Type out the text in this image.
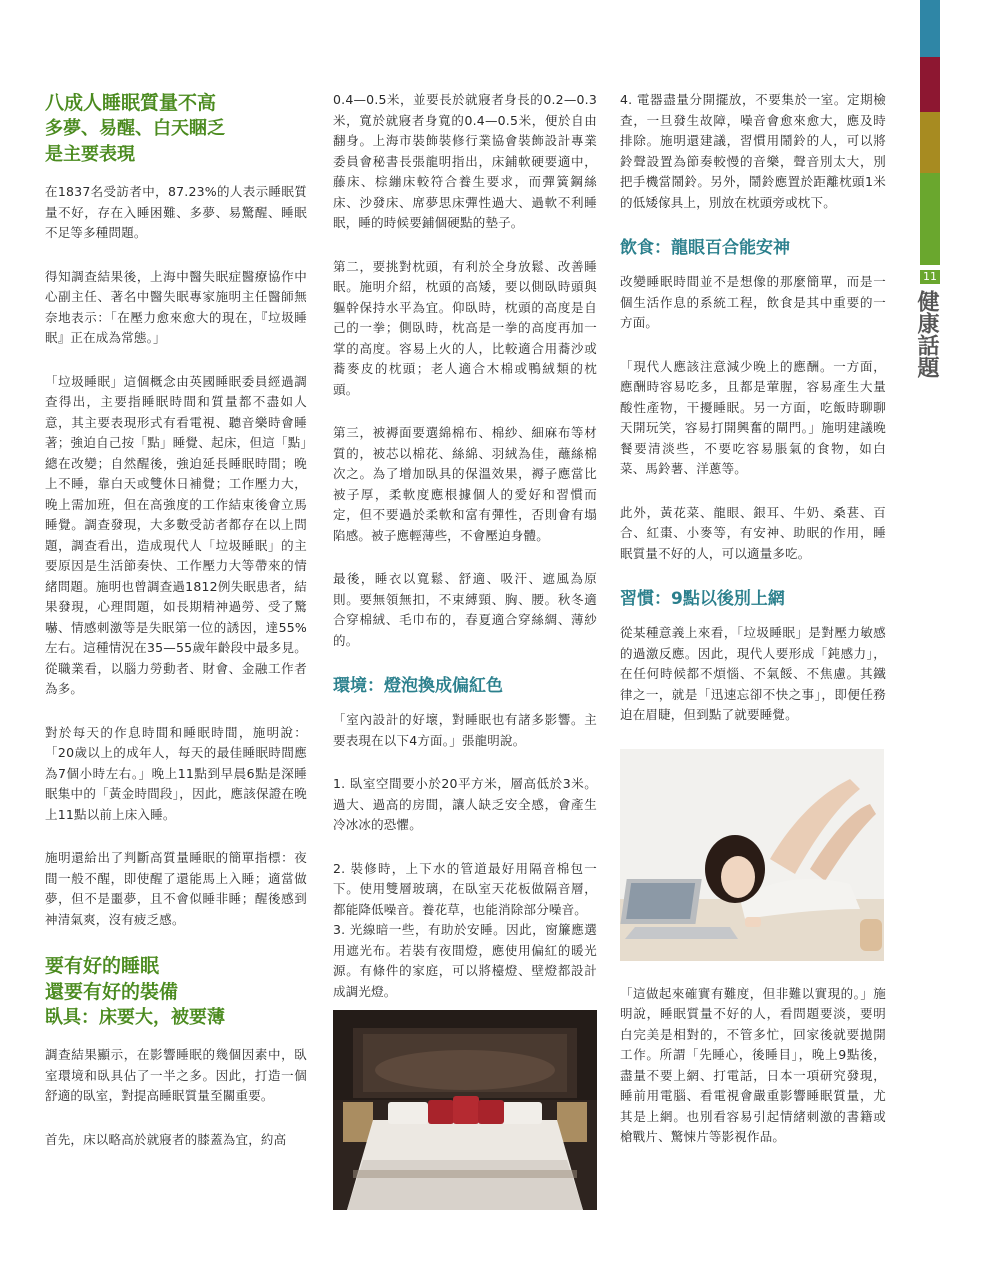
11
健康話題
八成人睡眠質量不高
多夢、易醒、白天睏乏
是主要表現

在1837名受訪者中，87.23%的人表示睡眠質量不好，存在入睡困難、多夢、易驚醒、睡眠不足等多種問題。

得知調查結果後，上海中醫失眠症醫療協作中心副主任、著名中醫失眠專家施明主任醫師無奈地表示：「在壓力愈來愈大的現在，『垃圾睡眠』正在成為常態。」

「垃圾睡眠」這個概念由英國睡眠委員經過調查得出，主要指睡眠時間和質量都不盡如人意，其主要表現形式有看電視、聽音樂時會睡著；強迫自己按「點」睡覺、起床，但這「點」總在改變；自然醒後，強迫延長睡眠時間；晚上不睡，靠白天或雙休日補覺；工作壓力大，晚上需加班，但在高強度的工作結束後會立馬睡覺。調查發現，大多數受訪者都存在以上問題，調查看出，造成現代人「垃圾睡眠」的主要原因是生活節奏快、工作壓力大等帶來的情緒問題。施明也曾調查過1812例失眠患者，結果發現，心理問題，如長期精神過勞、受了驚嚇、情感刺激等是失眠第一位的誘因，達55%左右。這種情況在35—55歲年齡段中最多見。從職業看，以腦力勞動者、財會、金融工作者為多。

對於每天的作息時間和睡眠時間，施明說：「20歲以上的成年人，每天的最佳睡眠時間應為7個小時左右。」晚上11點到早晨6點是深睡眠集中的「黃金時間段」，因此，應該保證在晚上11點以前上床入睡。

施明還給出了判斷高質量睡眠的簡單指標：夜間一般不醒，即使醒了還能馬上入睡；適當做夢，但不是噩夢，且不會似睡非睡；醒後感到神清氣爽，沒有疲乏感。

要有好的睡眠
還要有好的裝備
臥具：床要大，被要薄

調查結果顯示，在影響睡眠的幾個因素中，臥室環境和臥具佔了一半之多。因此，打造一個舒適的臥室，對提高睡眠質量至關重要。

首先，床以略高於就寢者的膝蓋為宜，約高

0.4—0.5米，並要長於就寢者身長的0.2—0.3米，寬於就寢者身寬的0.4—0.5米，便於自由翻身。上海市裝飾裝修行業協會裝飾設計專業委員會秘書長張龍明指出，床鋪軟硬要適中，藤床、棕繃床較符合養生要求，而彈簧鋼絲床、沙發床、席夢思床彈性過大、過軟不利睡眠，睡的時候要鋪個硬點的墊子。

第二，要挑對枕頭，有利於全身放鬆、改善睡眠。施明介紹，枕頭的高矮，要以側臥時頭與軀幹保持水平為宜。仰臥時，枕頭的高度是自己的一拳；側臥時，枕高是一拳的高度再加一掌的高度。容易上火的人，比較適合用蕎沙或蕎麥皮的枕頭；老人適合木棉或鴨絨類的枕頭。

第三，被褥面要選綿棉布、棉紗、細麻布等材質的，被芯以棉花、絲綿、羽絨為佳，蘸絲棉次之。為了增加臥具的保溫效果，褥子應當比被子厚，柔軟度應根據個人的愛好和習慣而定，但不要過於柔軟和富有彈性，否則會有塌陷感。被子應輕薄些，不會壓迫身體。

最後，睡衣以寬鬆、舒適、吸汗、遮風為原則。要無領無扣，不束縛頸、胸、腰。秋冬適合穿棉絨、毛巾布的，春夏適合穿絲綢、薄紗的。

環境：燈泡換成偏紅色

「室內設計的好壞，對睡眠也有諸多影響。主要表現在以下4方面。」張龍明說。

1. 臥室空間要小於20平方米，層高低於3米。過大、過高的房間，讓人缺乏安全感，會產生冷冰冰的恐懼。

2. 裝修時，上下水的管道最好用隔音棉包一下。使用雙層玻璃，在臥室天花板做隔音層，都能降低噪音。養花草，也能消除部分噪音。
3. 光線暗一些，有助於安睡。因此，窗簾應選用遮光布。若裝有夜間燈，應使用偏紅的暖光源。有條件的家庭，可以將檯燈、壁燈都設計成調光燈。

4. 電器盡量分開擺放，不要集於一室。定期檢查，一旦發生故障，噪音會愈來愈大，應及時排除。施明還建議，習慣用鬧鈴的人，可以將鈴聲設置為節奏較慢的音樂，聲音別太大，別把手機當鬧鈴。另外，鬧鈴應置於距離枕頭1米的低矮傢具上，別放在枕頭旁或枕下。

飲食：龍眼百合能安神

改變睡眠時間並不是想像的那麼簡單，而是一個生活作息的系統工程，飲食是其中重要的一方面。

「現代人應該注意減少晚上的應酬。一方面，應酬時容易吃多，且都是葷腥，容易產生大量酸性產物，干擾睡眠。另一方面，吃飯時聊聊天開玩笑，容易打開興奮的閘門。」施明建議晚餐要清淡些，不要吃容易脹氣的食物，如白菜、馬鈴薯、洋蔥等。

此外，黃花菜、龍眼、銀耳、牛奶、桑葚、百合、紅棗、小麥等，有安神、助眠的作用，睡眠質量不好的人，可以適量多吃。

習慣：9點以後別上網

從某種意義上來看，「垃圾睡眠」是對壓力敏感的過激反應。因此，現代人要形成「鈍感力」，在任何時候都不煩惱、不氣餒、不焦慮。其鐵律之一，就是「迅速忘卻不快之事」，即便任務迫在眉睫，但到點了就要睡覺。

「這做起來確實有難度，但非難以實現的。」施明說，睡眠質量不好的人，看問題要淡，要明白完美是相對的，不管多忙，回家後就要拋開工作。所謂「先睡心，後睡目」，晚上9點後，盡量不要上網、打電話，日本一項研究發現，睡前用電腦、看電視會嚴重影響睡眠質量，尤其是上網。也別看容易引起情緒刺激的書籍或槍戰片、驚悚片等影視作品。
